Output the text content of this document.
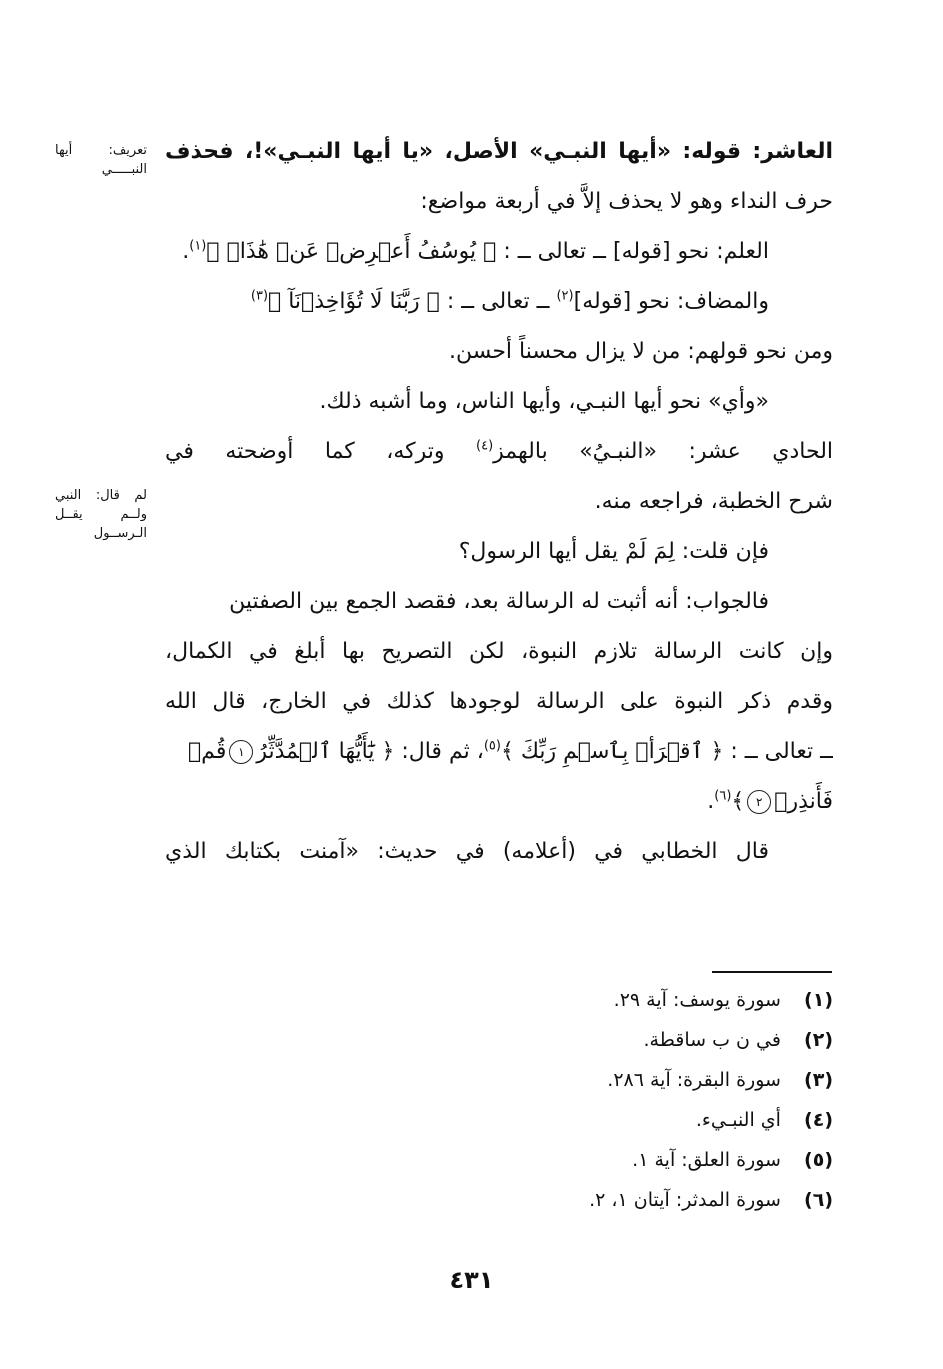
تعريف: أيها
النبـــــي
لم قال: النبي
ولــم يقــل
الـرســول
العاشر: قوله: «أيها النبـي» الأصل، «يا أيها النبـي»!، فحذف
حرف النداء وهو لا يحذف إلاَّ في أربعة مواضع:
العلم: نحو [قوله] ــ تعالى ــ : ﴿ يُوسُفُ أَعۡرِضۡ عَنۡ هَٰذَاۚ ﴾$^{(١)}$.
والمضاف: نحو [قوله]$^{(٢)}$ ــ تعالى ــ : ﴿ رَبَّنَا لَا تُؤَاخِذۡنَآ ﴾$^{(٣)}$
ومن نحو قولهم: من لا يزال محسناً أحسن.
«وأي» نحو أيها النبـي، وأيها الناس، وما أشبه ذلك.
الحادي عشر: «النبـيُ» بالهمز$^{(٤)}$ وتركه، كما أوضحته في
شرح الخطبة، فراجعه منه.
فإن قلت: لِمَ لَمْ يقل أيها الرسول؟
فالجواب: أنه أثبت له الرسالة بعد، فقصد الجمع بين الصفتين
وإن كانت الرسالة تلازم النبوة، لكن التصريح بها أبلغ في الكمال،
وقدم ذكر النبوة على الرسالة لوجودها كذلك في الخارج، قال الله
ــ تعالى ــ : ﴿ ٱقۡرَأۡ بِٱسۡمِ رَبِّكَ ﴾$^{(٥)}$، ثم قال: ﴿ يَٰٓأَيُّهَا ٱلۡمُدَّثِّرُ١قُمۡ
فَأَنذِرۡ٢﴾$^{(٦)}$.
قال الخطابي في (أعلامه) في حديث: «آمنت بكتابك الذي
(١) سورة يوسف: آية ٢٩.
(٢) في ن ب ساقطة.
(٣) سورة البقرة: آية ٢٨٦.
(٤) أي النبـيء.
(٥) سورة العلق: آية ١.
(٦) سورة المدثر: آيتان ١، ٢.
٤٣١
